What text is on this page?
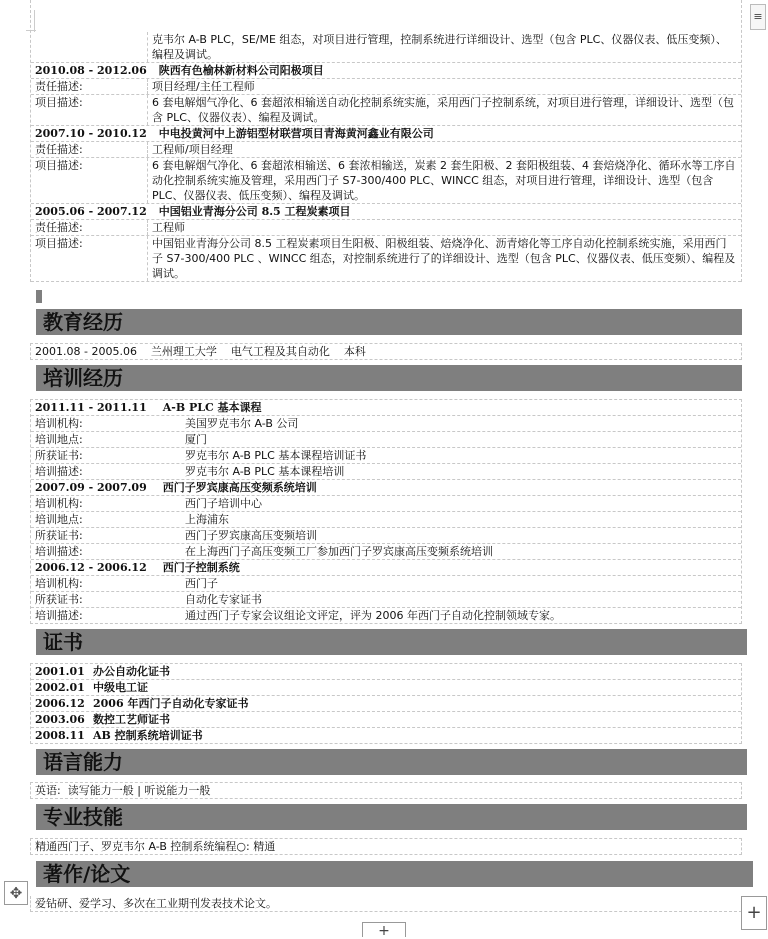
克韦尔 A-B PLC，SE/ME 组态，对项目进行管理，控制系统进行详细设计、选型（包含 PLC、仪器仪表、低压变频）、编程及调试。
2010.08 - 2012.06	陕西有色榆林新材料公司阳极项目
责任描述:	项目经理/主任工程师
项目描述:	6 套电解烟气净化、6 套超浓相输送自动化控制系统实施，采用西门子控制系统，对项目进行管理，详细设计、选型（包含 PLC、仪器仪表）、编程及调试。
2007.10 - 2010.12	中电投黄河中上游铝型材联营项目青海黄河鑫业有限公司
责任描述:	工程师/项目经理
项目描述:	6 套电解烟气净化、6 套超浓相输送、6 套浓相输送，炭素 2 套生阳极、2 套阳极组装、4 套焙烧净化、循环水等工序自动化控制系统实施及管理，采用西门子 S7-300/400 PLC、WINCC 组态，对项目进行管理，详细设计、选型（包含 PLC、仪器仪表、低压变频）、编程及调试。
2005.06 - 2007.12	中国铝业青海分公司 8.5 工程炭素项目
责任描述:	工程师
项目描述:	中国铝业青海分公司 8.5 工程炭素项目生阳极、阳极组装、焙烧净化、沥青熔化等工序自动化控制系统实施，采用西门子 S7-300/400 PLC 、WINCC 组态，对控制系统进行了的详细设计、选型（包含 PLC、仪器仪表、低压变频）、编程及调试。
教育经历
2001.08 - 2005.06    兰州理工大学    电气工程及其自动化    本科
培训经历
2011.11 - 2011.11	A-B PLC 基本课程
培训机构:	美国罗克韦尔 A-B 公司
培训地点:	厦门
所获证书:	罗克韦尔 A-B PLC 基本课程培训证书
培训描述:	罗克韦尔 A-B PLC 基本课程培训
2007.09 - 2007.09	西门子罗宾康高压变频系统培训
培训机构:	西门子培训中心
培训地点:	上海浦东
所获证书:	西门子罗宾康高压变频培训
培训描述:	在上海西门子高压变频工厂参加西门子罗宾康高压变频系统培训
2006.12 - 2006.12	西门子控制系统
培训机构:	西门子
所获证书:	自动化专家证书
培训描述:	通过西门子专家会议组论文评定，评为 2006 年西门子自动化控制领域专家。
证书
2001.01 办公自动化证书
2002.01 中级电工证
2006.12 2006 年西门子自动化专家证书
2003.06 数控工艺师证书
2008.11 AB 控制系统培训证书
语言能力
英语:  读写能力一般 | 听说能力一般
专业技能
精通西门子、罗克韦尔 A-B 控制系统编程○: 精通
著作/论文
爱钻研、爱学习、多次在工业期刊发表技术论文。
≡
✥
+
+
